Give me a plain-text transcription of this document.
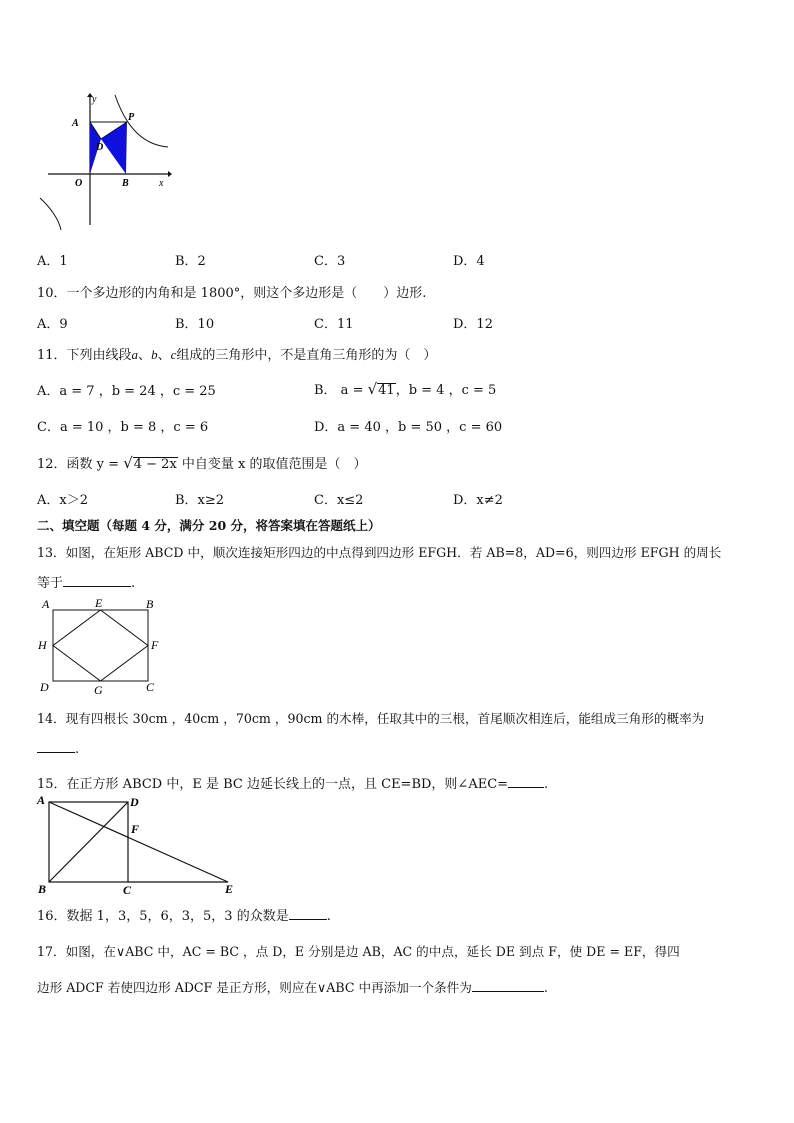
y
A
P
D
O	B	x
A．1	B．2	C．3	D．4
10．一个多边形的内角和是 1800°，则这个多边形是（　　）边形.
A．9	B．10	C．11	D．12
11．下列由线段a、b、c组成的三角形中，不是直角三角形的为（　）
A．a = 7 ，b = 24 ，c = 25	B． a = √41，b = 4 ，c = 5
C．a = 10 ，b = 8 ，c = 6	D．a = 40 ，b = 50 ，c = 60
12．函数 y = √4 − 2x 中自变量 x 的取值范围是（　）
A．x＞2	B．x≥2	C．x≤2	D．x≠2
二、填空题（每题 4 分，满分 20 分，将答案填在答题纸上）
13．如图，在矩形 ABCD 中，顺次连接矩形四边的中点得到四边形 EFGH．若 AB=8，AD=6，则四边形 EFGH 的周长
等于	.
A	E	B
H	F
D	G	C
14．现有四根长 30cm ，40cm ，70cm ，90cm 的木棒，任取其中的三根，首尾顺次相连后，能组成三角形的概率为
.
15．在正方形 ABCD 中，E 是 BC 边延长线上的一点，且 CE=BD，则∠AEC=	.
A	D
F
B	C	E
16．数据 1，3，5，6，3，5，3 的众数是	.
17．如图，在∨ABC 中，AC = BC ，点 D，E 分别是边 AB，AC 的中点，延长 DE 到点 F，使 DE = EF，得四
边形 ADCF 若使四边形 ADCF 是正方形，则应在∨ABC 中再添加一个条件为	.
